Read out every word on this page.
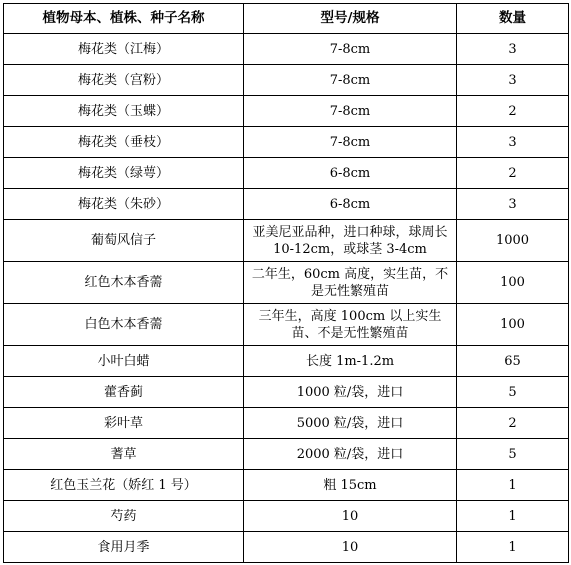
植物母本、植株、种子名称	型号/规格	数量
梅花类（江梅）	7-8cm	3
梅花类（宫粉）	7-8cm	3
梅花类（玉蝶）	7-8cm	2
梅花类（垂枝）	7-8cm	3
梅花类（绿萼）	6-8cm	2
梅花类（朱砂）	6-8cm	3
葡萄风信子	亚美尼亚品种，进口种球，球周长 10-12cm，或球茎 3-4cm	1000
红色木本香薷	二年生，60cm 高度，实生苗，不是无性繁殖苗	100
白色木本香薷	三年生，高度 100cm 以上实生苗、不是无性繁殖苗	100
小叶白蜡	长度 1m-1.2m	65
藿香蓟	1000 粒/袋，进口	5
彩叶草	5000 粒/袋，进口	2
蓍草	2000 粒/袋，进口	5
红色玉兰花（娇红 1 号）	粗 15cm	1
芍药	10	1
食用月季	10	1
